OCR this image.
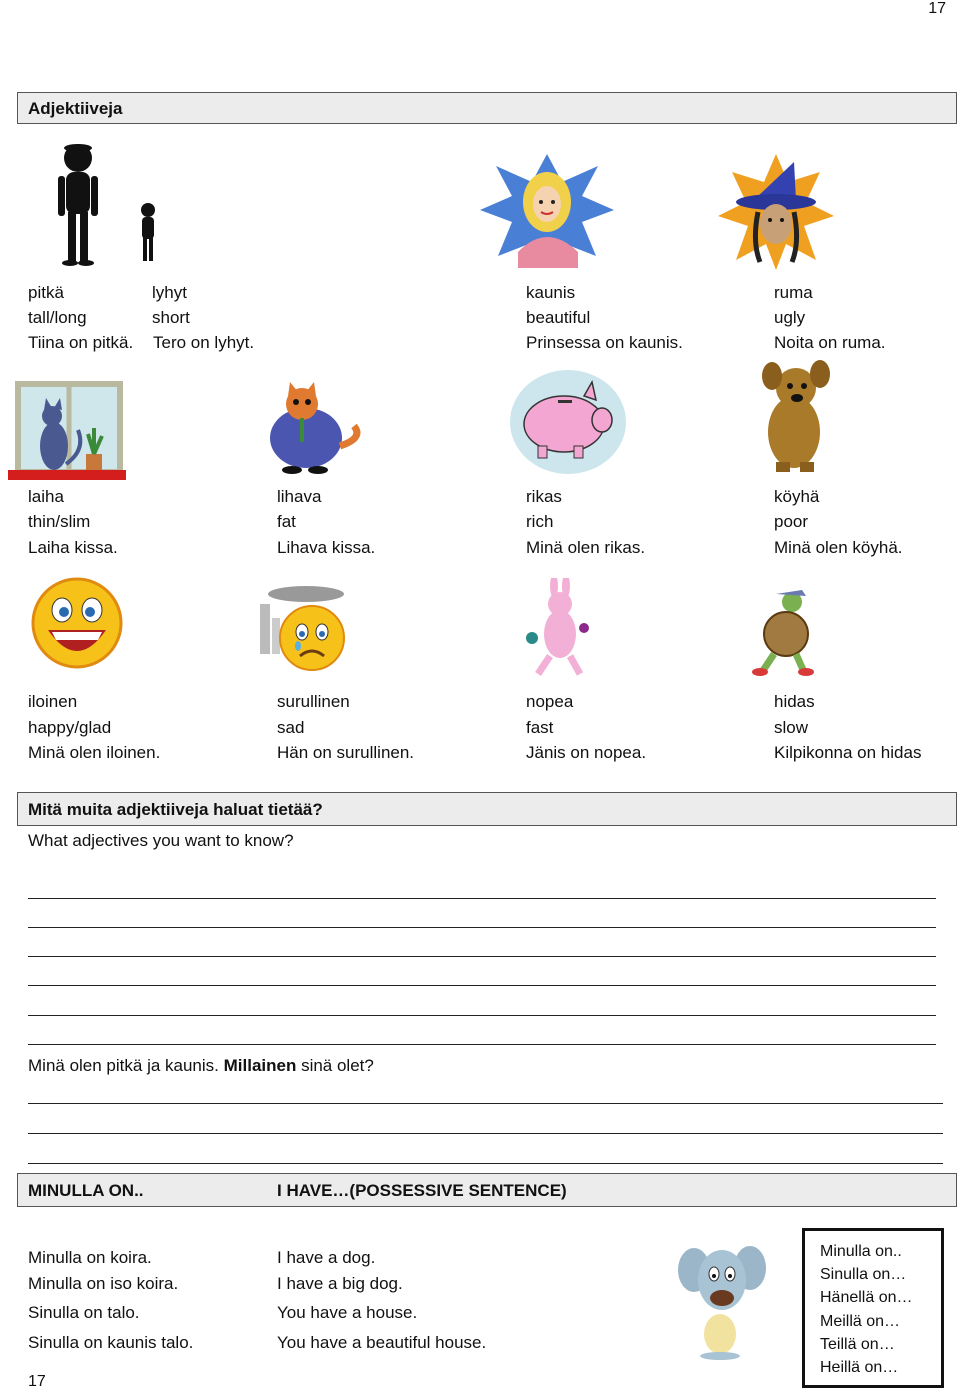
17
Adjektiiveja
pitkä
tall/long
Tiina on pitkä.
lyhyt
short
Tero on lyhyt.
kaunis
beautiful
Prinsessa on kaunis.
ruma
ugly
Noita on ruma.
laiha
thin/slim
Laiha kissa.
lihava
fat
Lihava kissa.
rikas
rich
Minä olen rikas.
köyhä
poor
Minä olen köyhä.
iloinen
happy/glad
Minä olen iloinen.
surullinen
sad
Hän on surullinen.
nopea
fast
Jänis on nopea.
hidas
slow
Kilpikonna on hidas
Mitä muita adjektiiveja haluat tietää?
What adjectives you want to know?
Minä olen pitkä ja kaunis. Millainen sinä olet?
MINULLA ON..	I HAVE…(POSSESSIVE SENTENCE)
Minulla on koira.	I have a dog.
Minulla on iso koira.	I have a big dog.
Sinulla on talo.	You have a house.
Sinulla on kaunis talo.	You have a beautiful house.
Minulla on..
Sinulla on…
Hänellä on…
Meillä on…
Teillä on…
Heillä on…
17
